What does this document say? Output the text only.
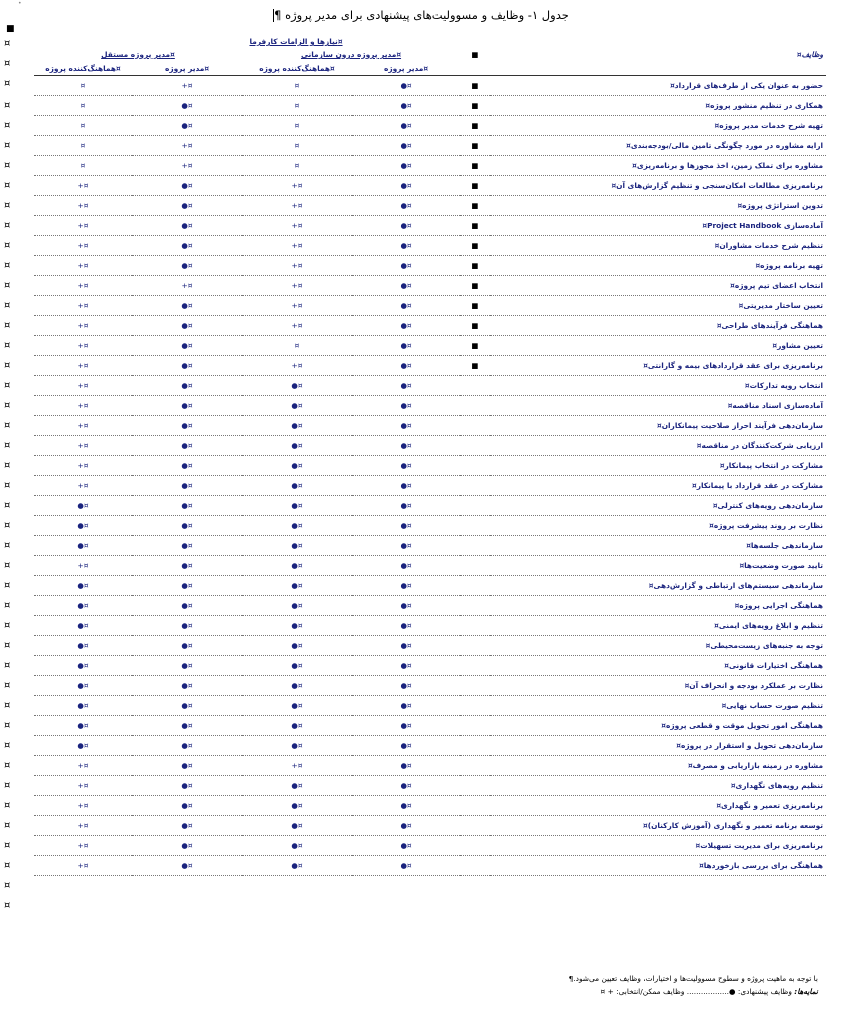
•
■
جدول ۱- وظایف و مسوولیت‌های پیشنهادی برای مدیر پروژه ¶
	نیازها و الزامات کارفرما¤				
مدیر پروژه مستقل¤		مدیر پروژه درون سازمانی¤		■	وظایف¤
هماهنگ‌کننده پروژه¤	مدیر پروژه¤	هماهنگ‌کننده پروژه¤	مدیر پروژه¤		
¤	+¤	¤	●¤	■	حضور به عنوان یکی از طرف‌های قرارداد¤
¤	●¤	¤	●¤	■	همکاری در تنظیم منشور پروژه¤
¤	●¤	¤	●¤	■	تهیه شرح خدمات مدیر پروژه¤
¤	+¤	¤	●¤	■	ارایه مشاوره در مورد چگونگی تامین مالی/بودجه‌بندی¤
¤	+¤	¤	●¤	■	مشاوره برای تملک زمین، اخذ مجوزها و برنامه‌ریزی¤
+¤	●¤	+¤	●¤	■	برنامه‌ریزی مطالعات امکان‌سنجی و تنظیم گزارش‌های آن¤
+¤	●¤	+¤	●¤	■	تدوین استراتژی پروژه¤
+¤	●¤	+¤	●¤	■	آماده‌سازی Project Handbook¤
+¤	●¤	+¤	●¤	■	تنظیم شرح خدمات مشاوران¤
+¤	●¤	+¤	●¤	■	تهیه برنامه پروژه¤
+¤	+¤	+¤	●¤	■	انتخاب اعضای تیم پروژه¤
+¤	●¤	+¤	●¤	■	تعیین ساختار مدیریتی¤
+¤	●¤	+¤	●¤	■	هماهنگی فرآیندهای طراحی¤
+¤	●¤	¤	●¤	■	تعیین مشاور¤
+¤	●¤	+¤	●¤	■	برنامه‌ریزی برای عقد قراردادهای بیمه و گارانتی¤
+¤	●¤	●¤	●¤		انتخاب رویه تدارکات¤
+¤	●¤	●¤	●¤		آماده‌سازی اسناد مناقصه¤
+¤	●¤	●¤	●¤		سازمان‌دهی فرآیند احراز صلاحیت پیمانکاران¤
+¤	●¤	●¤	●¤		ارزیابی شرکت‌کنندگان در مناقصه¤
+¤	●¤	●¤	●¤		مشارکت در انتخاب پیمانکار¤
+¤	●¤	●¤	●¤		مشارکت در عقد قرارداد با پیمانکار¤
●¤	●¤	●¤	●¤		سازمان‌دهی رویه‌های کنترلی¤
●¤	●¤	●¤	●¤		نظارت بر روند پیشرفت پروژه¤
●¤	●¤	●¤	●¤		سازماندهی جلسه‌ها¤
+¤	●¤	●¤	●¤		تایید صورت وضعیت‌ها¤
●¤	●¤	●¤	●¤		سازماندهی سیستم‌های ارتباطی و گزارش‌دهی¤
●¤	●¤	●¤	●¤		هماهنگی اجرایی پروژه¤
●¤	●¤	●¤	●¤		تنظیم و ابلاغ رویه‌های ایمنی¤
●¤	●¤	●¤	●¤		توجه به جنبه‌های زیست‌محیطی¤
●¤	●¤	●¤	●¤		هماهنگی اختیارات قانونی¤
●¤	●¤	●¤	●¤		نظارت بر عملکرد بودجه و انحراف آن¤
●¤	●¤	●¤	●¤		تنظیم صورت حساب نهایی¤
●¤	●¤	●¤	●¤		هماهنگی امور تحویل موقت و قطعی پروژه¤
●¤	●¤	●¤	●¤		سازمان‌دهی تحویل و استقرار در پروژه¤
+¤	●¤	+¤	●¤		مشاوره در زمینه بازاریابی و مصرف¤
+¤	●¤	●¤	●¤		تنظیم رویه‌های نگهداری¤
+¤	●¤	●¤	●¤		برنامه‌ریزی تعمیر و نگهداری¤
+¤	●¤	●¤	●¤		توسعه برنامه تعمیر و نگهداری (آموزش کارکنان)¤
+¤	●¤	●¤	●¤		برنامه‌ریزی برای مدیریت تسهیلات¤
+¤	●¤	●¤	●¤		هماهنگی برای بررسی بازخوردها¤
با توجه به ماهیت پروژه و سطوح مسوولیت‌ها و اختیارات، وظایف تعیین می‌شود.¶
نمایه‌ها: وظایف پیشنهادی: ●.................. وظایف ممکن/انتخابی: + ¤
¤
¤
¤
¤
¤
¤
¤
¤
¤
¤
¤
¤
¤
¤
¤
¤
¤
¤
¤
¤
¤
¤
¤
¤
¤
¤
¤
¤
¤
¤
¤
¤
¤
¤
¤
¤
¤
¤
¤
¤
¤
¤
¤
¤
